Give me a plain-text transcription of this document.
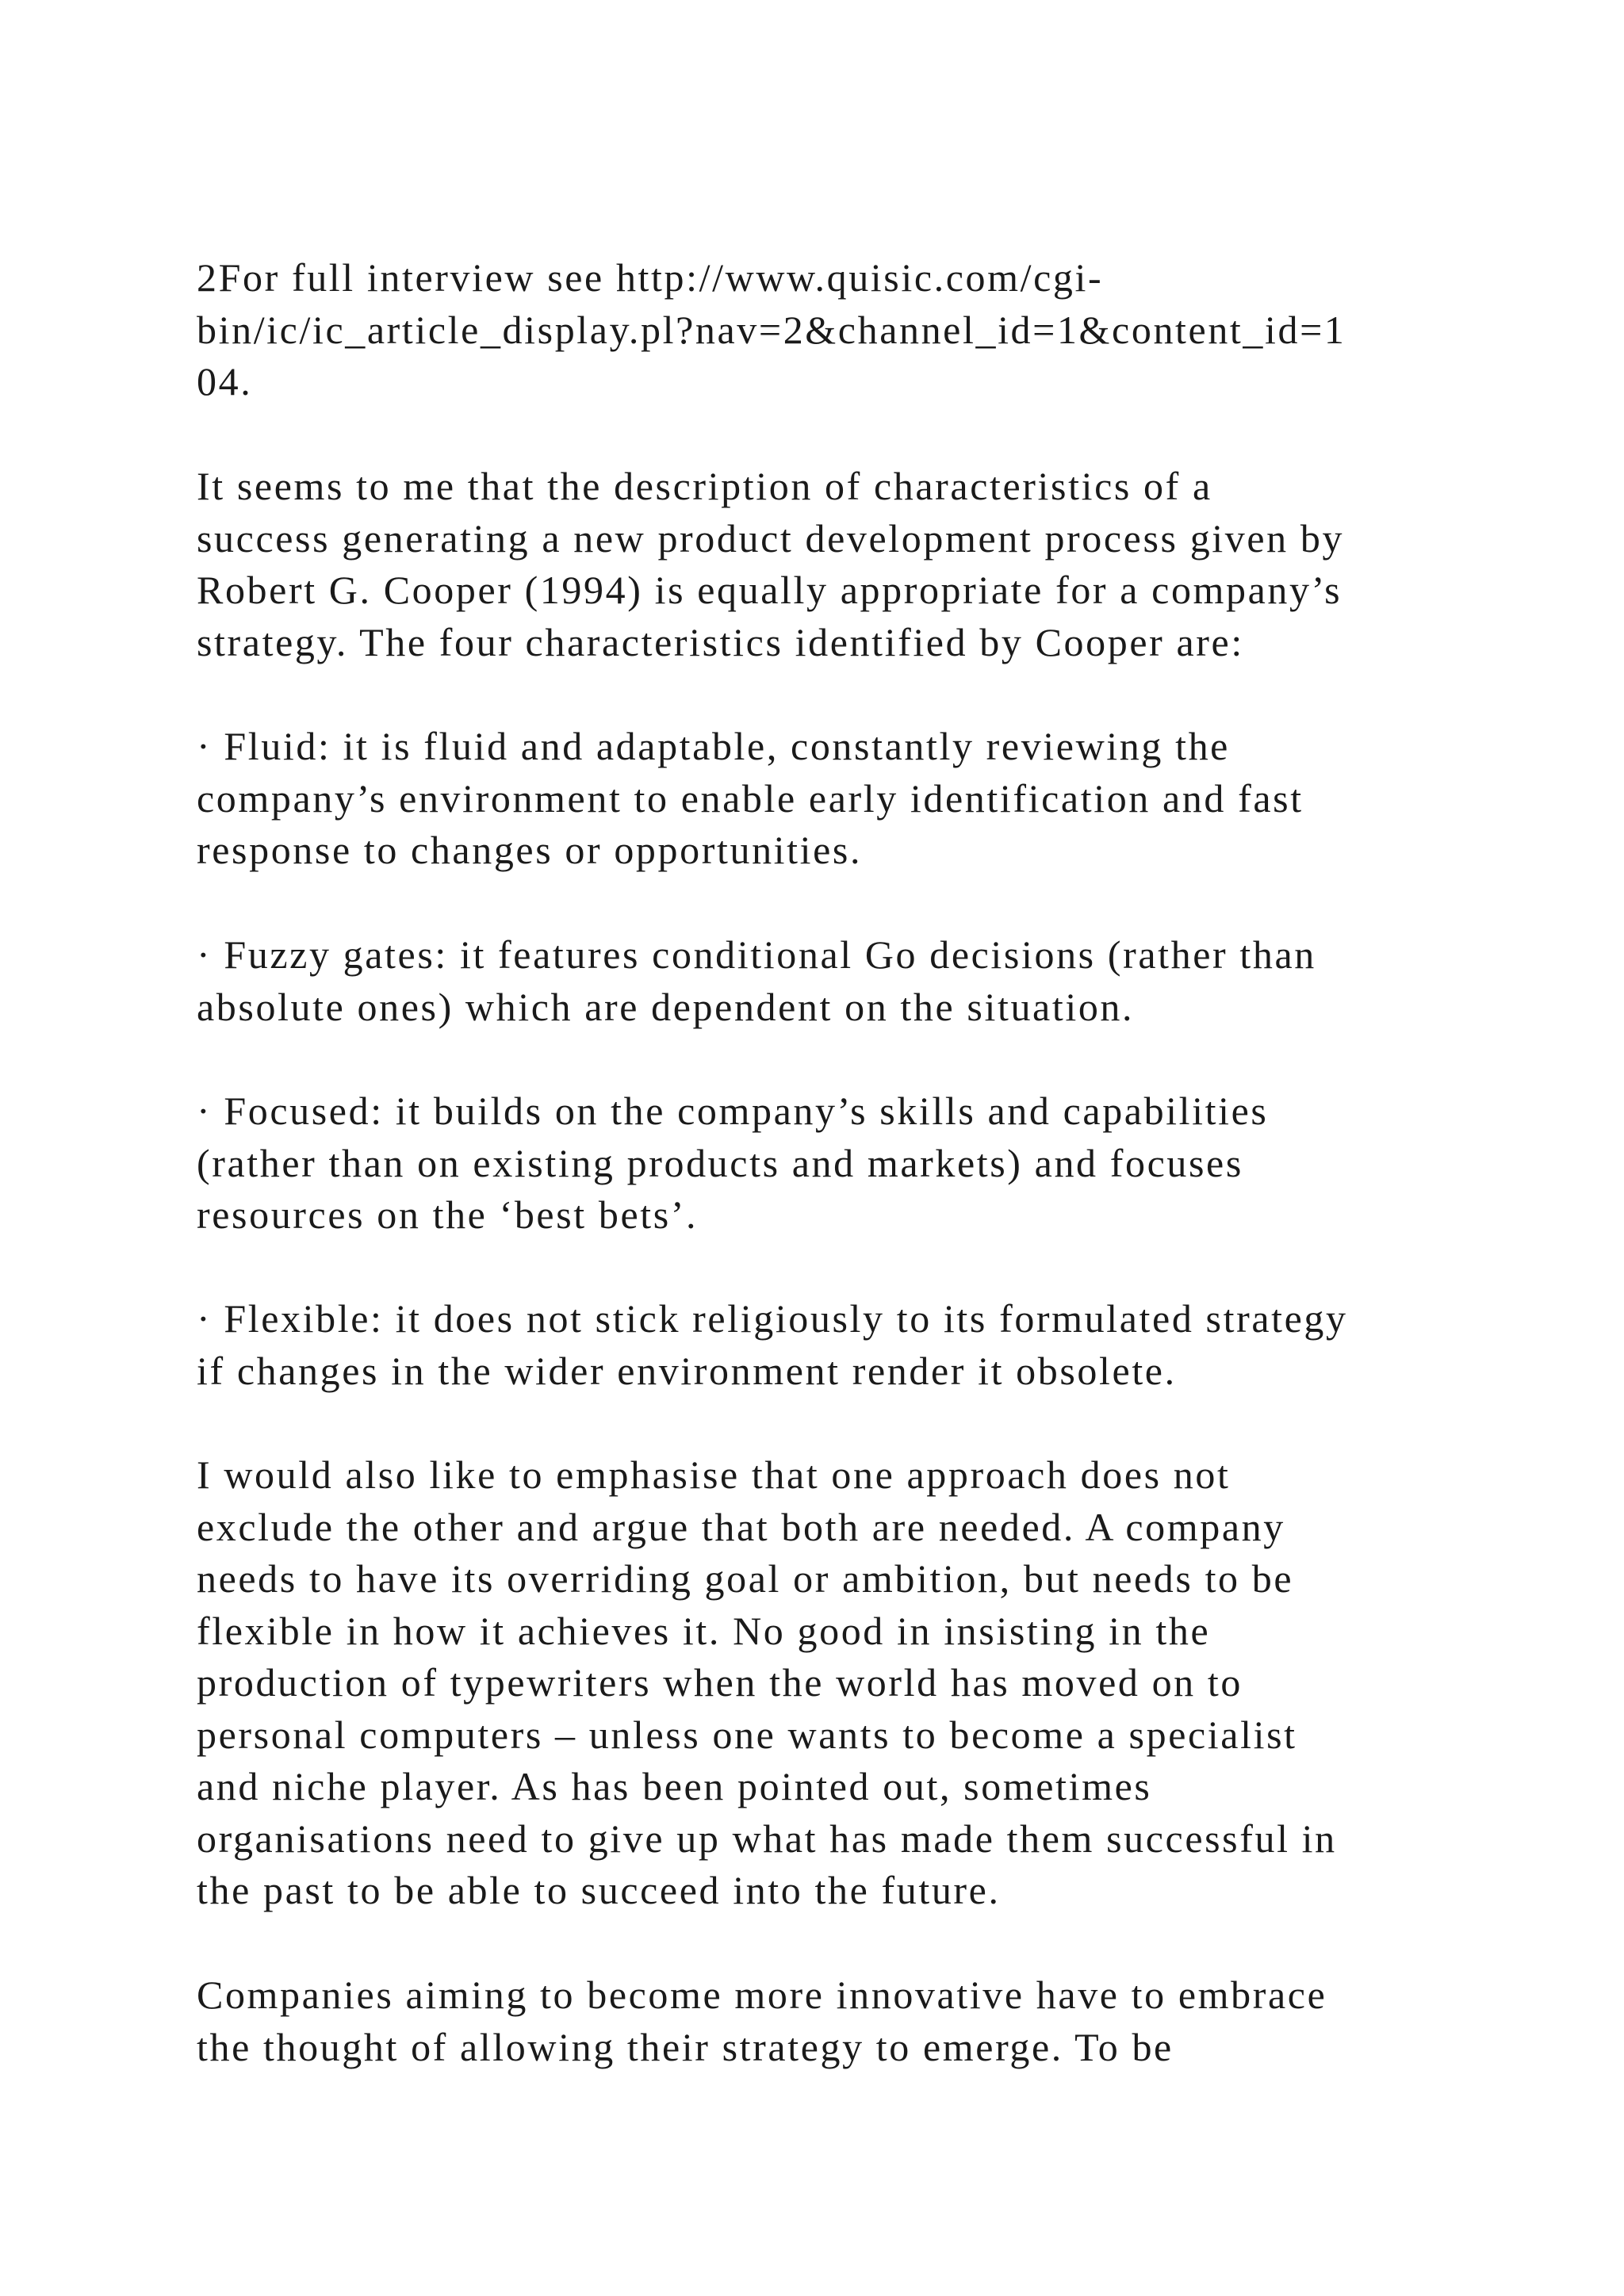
2For full interview see http://www.quisic.com/cgi-
bin/ic/ic_article_display.pl?nav=2&channel_id=1&content_id=1
04.

It seems to me that the description of characteristics of a
success generating a new product development process given by
Robert G. Cooper (1994) is equally appropriate for a company’s
strategy. The four characteristics identified by Cooper are:

· Fluid: it is fluid and adaptable, constantly reviewing the
company’s environment to enable early identification and fast
response to changes or opportunities.

· Fuzzy gates: it features conditional Go decisions (rather than
absolute ones) which are dependent on the situation.

· Focused: it builds on the company’s skills and capabilities
(rather than on existing products and markets) and focuses
resources on the ‘best bets’.

· Flexible: it does not stick religiously to its formulated strategy
if changes in the wider environment render it obsolete.

I would also like to emphasise that one approach does not
exclude the other and argue that both are needed. A company
needs to have its overriding goal or ambition, but needs to be
flexible in how it achieves it. No good in insisting in the
production of typewriters when the world has moved on to
personal computers – unless one wants to become a specialist
and niche player. As has been pointed out, sometimes
organisations need to give up what has made them successful in
the past to be able to succeed into the future.

Companies aiming to become more innovative have to embrace
the thought of allowing their strategy to emerge. To be
